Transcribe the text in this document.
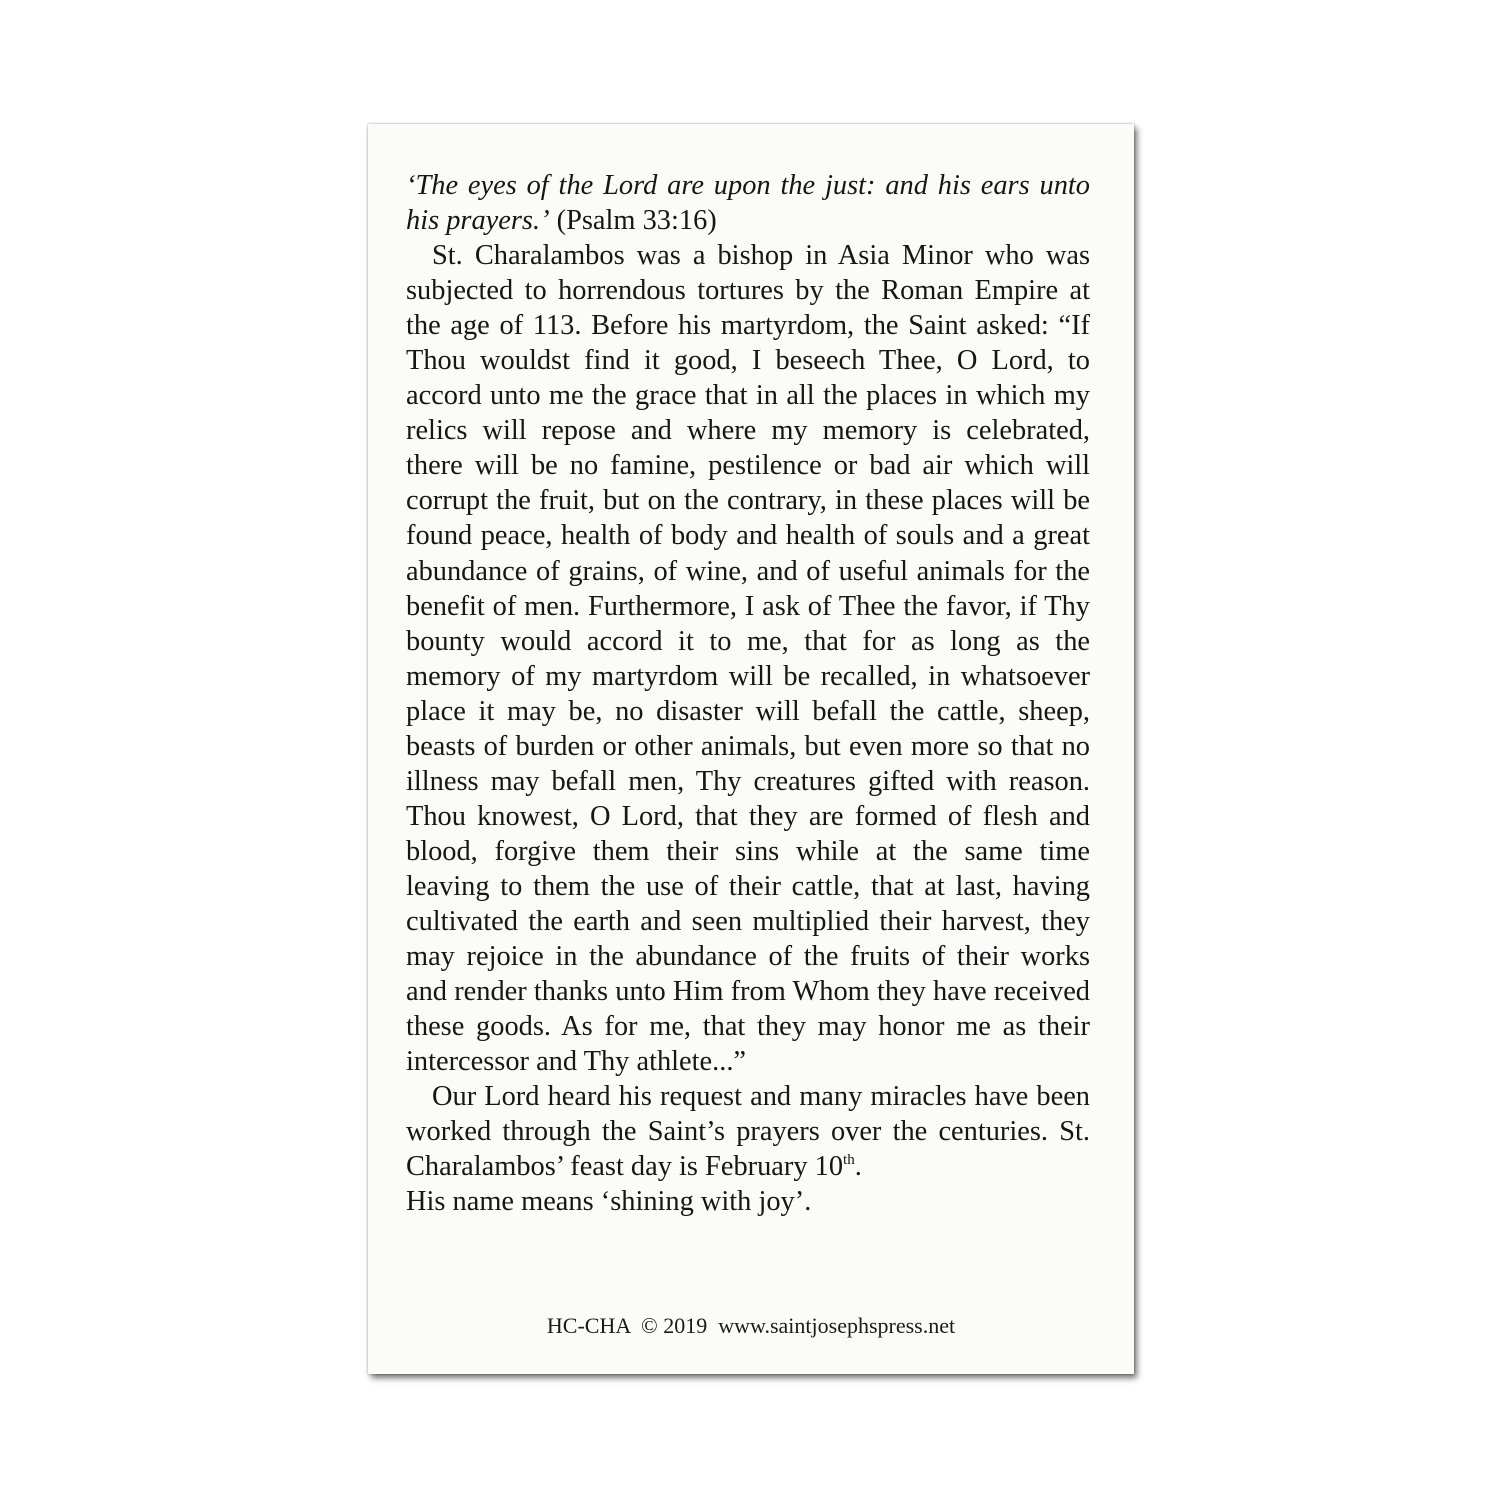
‘The eyes of the Lord are upon the just: and his ears unto his prayers.’ (Psalm 33:16)

St. Charalambos was a bishop in Asia Minor who was subjected to horrendous tortures by the Roman Empire at the age of 113. Before his martyrdom, the Saint asked: “If Thou wouldst find it good, I beseech Thee, O Lord, to accord unto me the grace that in all the places in which my relics will repose and where my memory is celebrated, there will be no famine, pestilence or bad air which will corrupt the fruit, but on the contrary, in these places will be found peace, health of body and health of souls and a great abundance of grains, of wine, and of useful animals for the benefit of men. Furthermore, I ask of Thee the favor, if Thy bounty would accord it to me, that for as long as the memory of my martyrdom will be recalled, in whatsoever place it may be, no disaster will befall the cattle, sheep, beasts of burden or other animals, but even more so that no illness may befall men, Thy creatures gifted with reason. Thou knowest, O Lord, that they are formed of flesh and blood, forgive them their sins while at the same time leaving to them the use of their cattle, that at last, having cultivated the earth and seen multiplied their harvest, they may rejoice in the abundance of the fruits of their works and render thanks unto Him from Whom they have received these goods. As for me, that they may honor me as their intercessor and Thy athlete...”

Our Lord heard his request and many miracles have been worked through the Saint’s prayers over the centuries. St. Charalambos’ feast day is February 10th.
His name means ‘shining with joy’.

HC-CHA  © 2019  www.saintjosephspress.net
